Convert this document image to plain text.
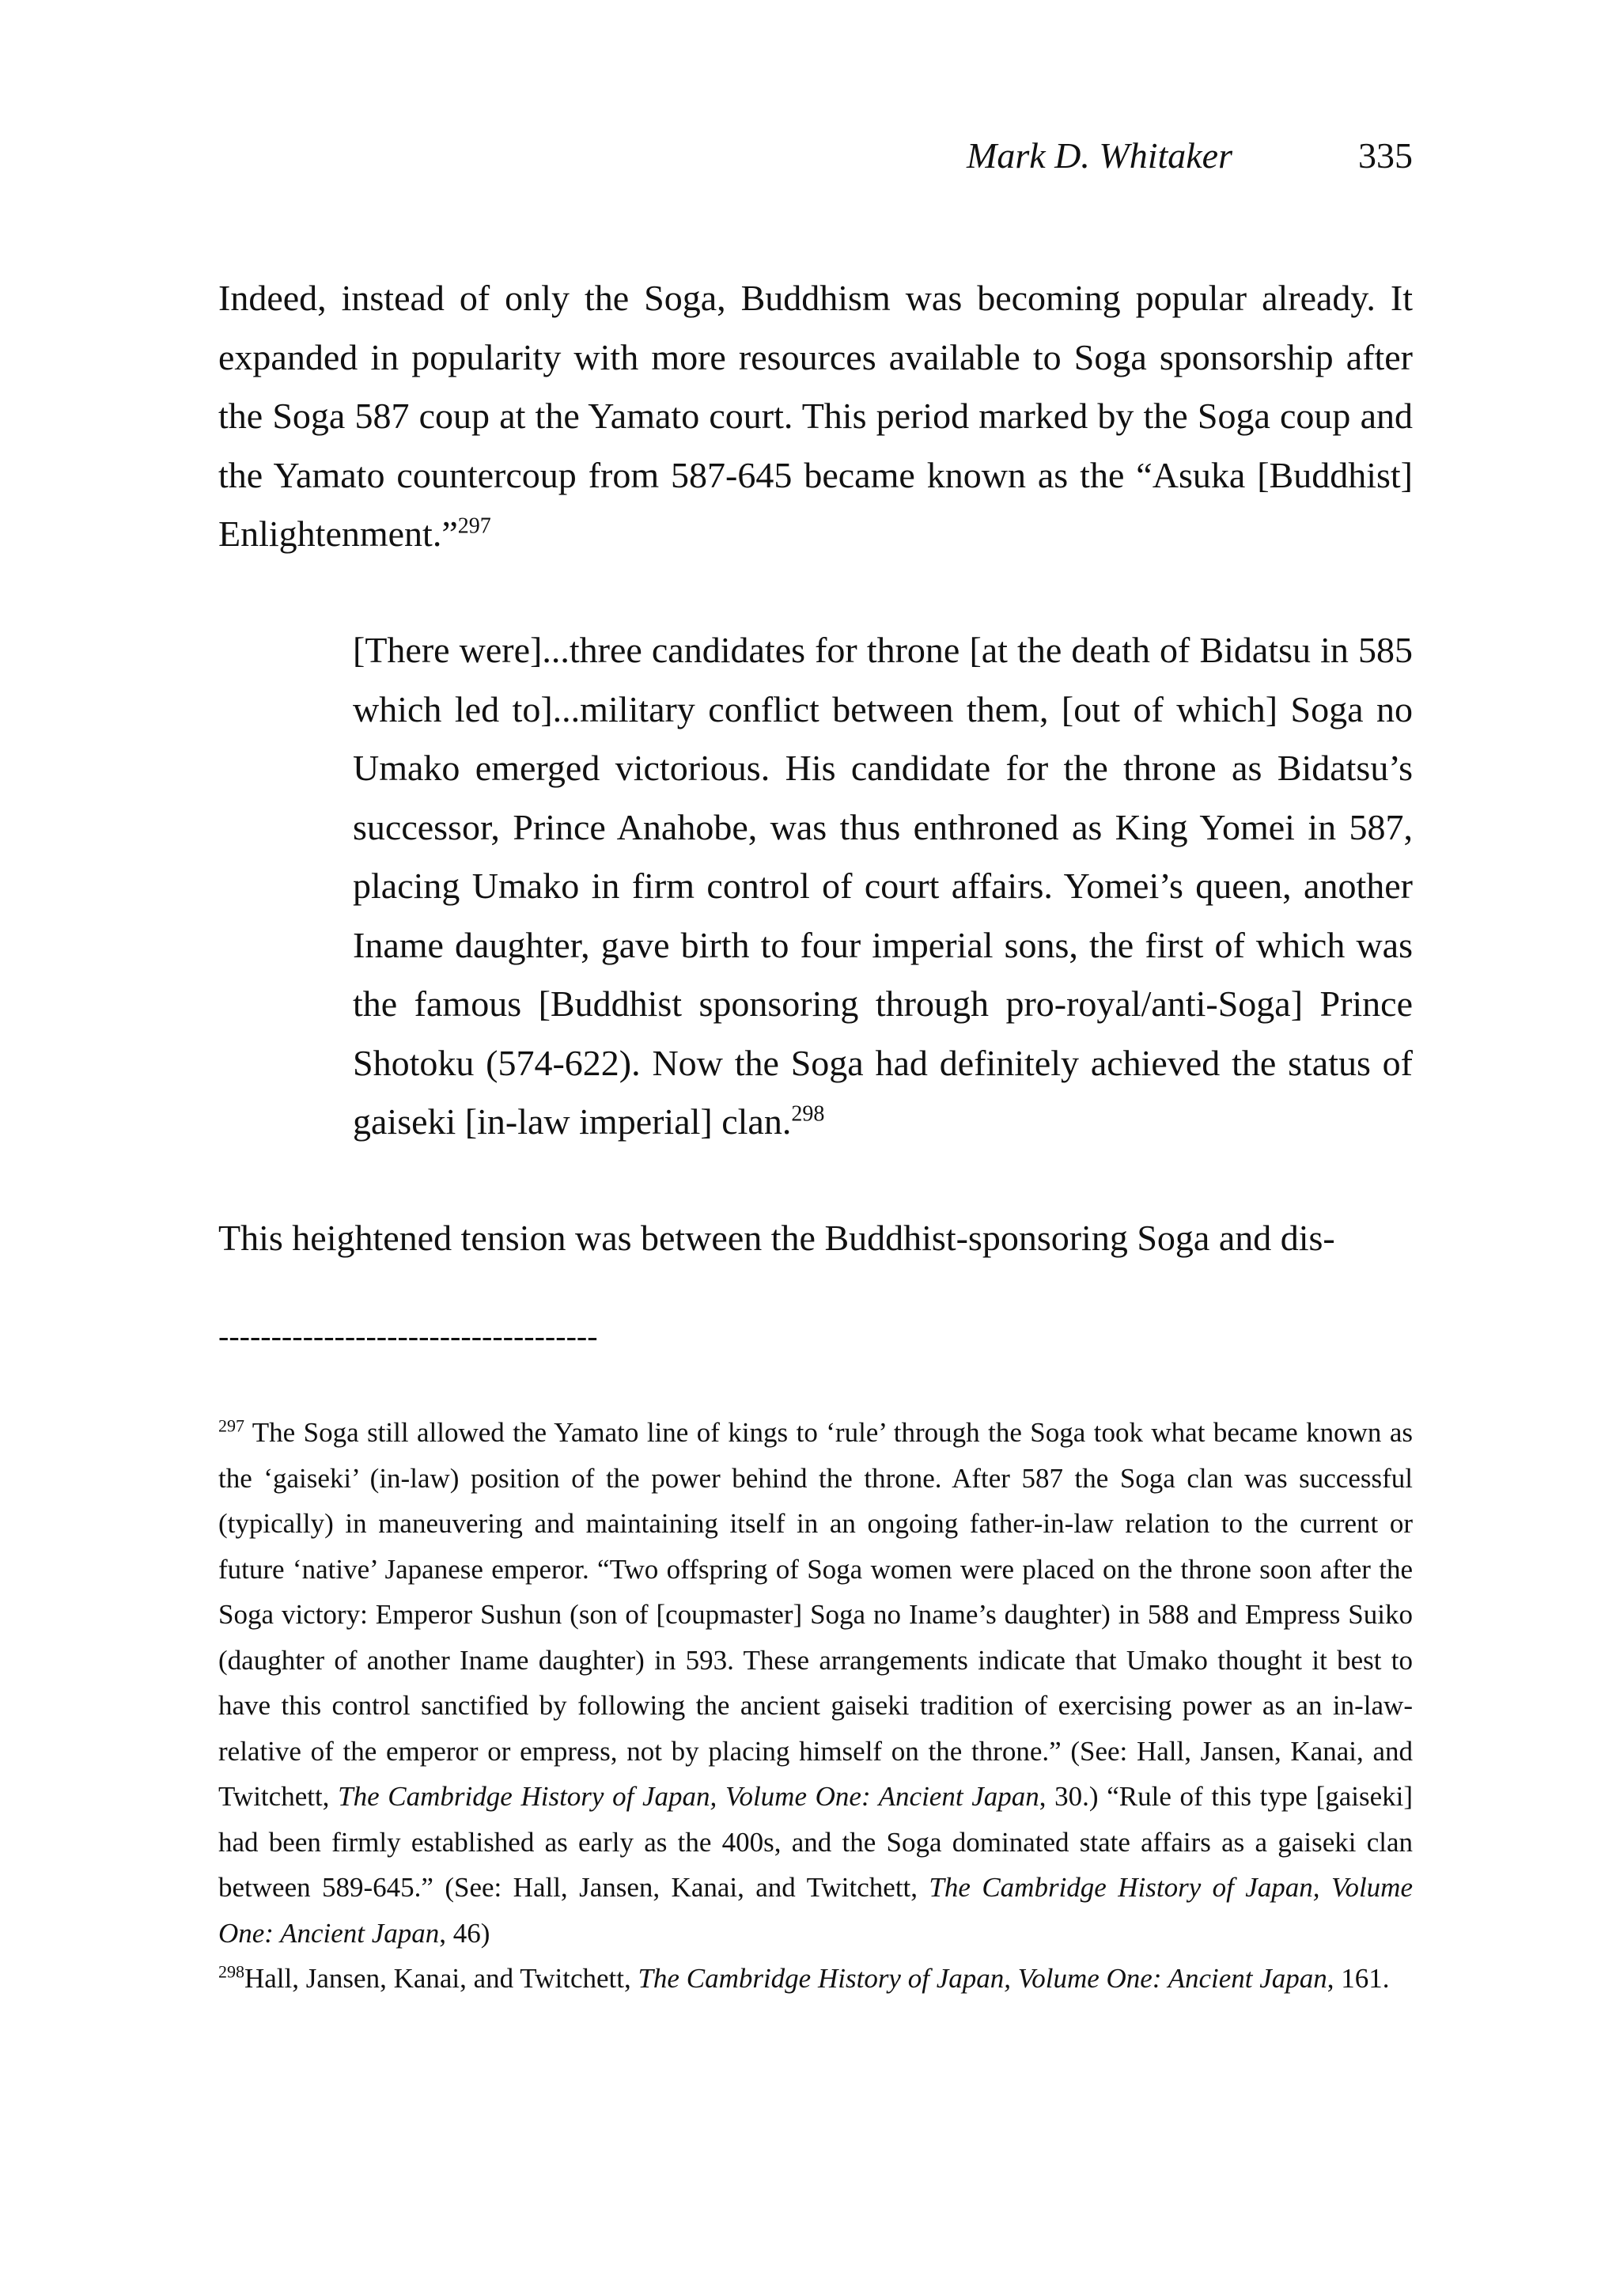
Mark D. Whitaker	335

Indeed, instead of only the Soga, Buddhism was becoming popular already. It expanded in popularity with more resources available to Soga sponsorship after the Soga 587 coup at the Yamato court. This period marked by the Soga coup and the Yamato countercoup from 587-645 became known as the “Asuka [Buddhist] Enlightenment.”$^{297}$

[There were]...three candidates for throne [at the death of Bidatsu in 585 which led to]...military conflict between them, [out of which] Soga no Umako emerged victorious. His candidate for the throne as Bidatsu’s successor, Prince Anahobe, was thus enthroned as King Yomei in 587, placing Umako in firm control of court affairs. Yomei’s queen, another Iname daughter, gave birth to four imperial sons, the first of which was the famous [Buddhist sponsoring through pro-royal/anti-Soga] Prince Shotoku (574-622). Now the Soga had definitely achieved the status of gaiseki [in-law imperial] clan.$^{298}$

This heightened tension was between the Buddhist-sponsoring Soga and dis-

------------------------------------

$^{297}$ The Soga still allowed the Yamato line of kings to ‘rule’ through the Soga took what became known as the ‘gaiseki’ (in-law) position of the power behind the throne. After 587 the Soga clan was successful (typically) in maneuvering and maintaining itself in an ongoing father-in-law relation to the current or future ‘native’ Japanese emperor. “Two offspring of Soga women were placed on the throne soon after the Soga victory: Emperor Sushun (son of [coupmaster] Soga no Iname’s daughter) in 588 and Empress Suiko (daughter of another Iname daughter) in 593. These arrangements indicate that Umako thought it best to have this control sanctified by following the ancient gaiseki tradition of exercising power as an in-law-relative of the emperor or empress, not by placing himself on the throne.” (See: Hall, Jansen, Kanai, and Twitchett, The Cambridge History of Japan, Volume One: Ancient Japan, 30.) “Rule of this type [gaiseki] had been firmly established as early as the 400s, and the Soga dominated state affairs as a gaiseki clan between 589-645.” (See: Hall, Jansen, Kanai, and Twitchett, The Cambridge History of Japan, Volume One: Ancient Japan, 46)

$^{298}$Hall, Jansen, Kanai, and Twitchett, The Cambridge History of Japan, Volume One: Ancient Japan, 161.
